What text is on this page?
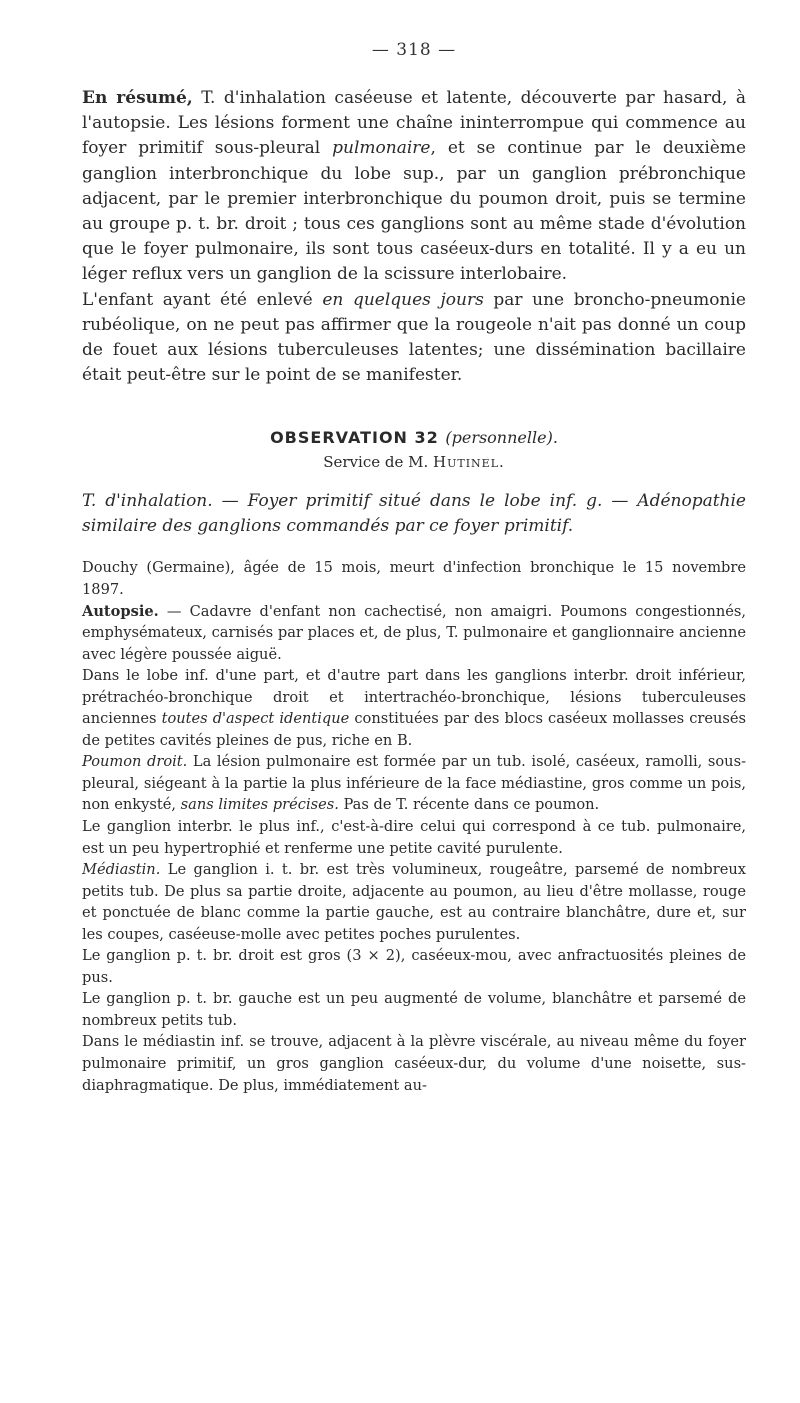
— 318 —

En résumé, T. d'inhalation caséeuse et latente, découverte par hasard, à l'autopsie. Les lésions forment une chaîne ininterrompue qui commence au foyer primitif sous-pleural pulmonaire, et se continue par le deuxième ganglion interbronchique du lobe sup., par un ganglion prébronchique adjacent, par le premier interbronchique du poumon droit, puis se termine au groupe p. t. br. droit ; tous ces ganglions sont au même stade d'évolution que le foyer pulmonaire, ils sont tous caséeux-durs en totalité. Il y a eu un léger reflux vers un ganglion de la scissure interlobaire.

L'enfant ayant été enlevé en quelques jours par une broncho-pneumonie rubéolique, on ne peut pas affirmer que la rougeole n'ait pas donné un coup de fouet aux lésions tuberculeuses latentes; une dissémination bacillaire était peut-être sur le point de se manifester.

OBSERVATION 32 (personnelle).
Service de M. Hutinel.

T. d'inhalation. — Foyer primitif situé dans le lobe inf. g. — Adénopathie similaire des ganglions commandés par ce foyer primitif.

Douchy (Germaine), âgée de 15 mois, meurt d'infection bronchique le 15 novembre 1897.

Autopsie. — Cadavre d'enfant non cachectisé, non amaigri. Poumons congestionnés, emphysémateux, carnisés par places et, de plus, T. pulmonaire et ganglionnaire ancienne avec légère poussée aiguë.

Dans le lobe inf. d'une part, et d'autre part dans les ganglions interbr. droit inférieur, prétrachéo-bronchique droit et intertrachéo-bronchique, lésions tuberculeuses anciennes toutes d'aspect identique constituées par des blocs caséeux mollasses creusés de petites cavités pleines de pus, riche en B.

Poumon droit. La lésion pulmonaire est formée par un tub. isolé, caséeux, ramolli, sous-pleural, siégeant à la partie la plus inférieure de la face médiastine, gros comme un pois, non enkysté, sans limites précises. Pas de T. récente dans ce poumon.

Le ganglion interbr. le plus inf., c'est-à-dire celui qui correspond à ce tub. pulmonaire, est un peu hypertrophié et renferme une petite cavité purulente.

Médiastin. Le ganglion i. t. br. est très volumineux, rougeâtre, parsemé de nombreux petits tub. De plus sa partie droite, adjacente au poumon, au lieu d'être mollasse, rouge et ponctuée de blanc comme la partie gauche, est au contraire blanchâtre, dure et, sur les coupes, caséeuse-molle avec petites poches purulentes.

Le ganglion p. t. br. droit est gros (3 × 2), caséeux-mou, avec anfractuosités pleines de pus.

Le ganglion p. t. br. gauche est un peu augmenté de volume, blanchâtre et parsemé de nombreux petits tub.

Dans le médiastin inf. se trouve, adjacent à la plèvre viscérale, au niveau même du foyer pulmonaire primitif, un gros ganglion caséeux-dur, du volume d'une noisette, sus-diaphragmatique. De plus, immédiatement au-
